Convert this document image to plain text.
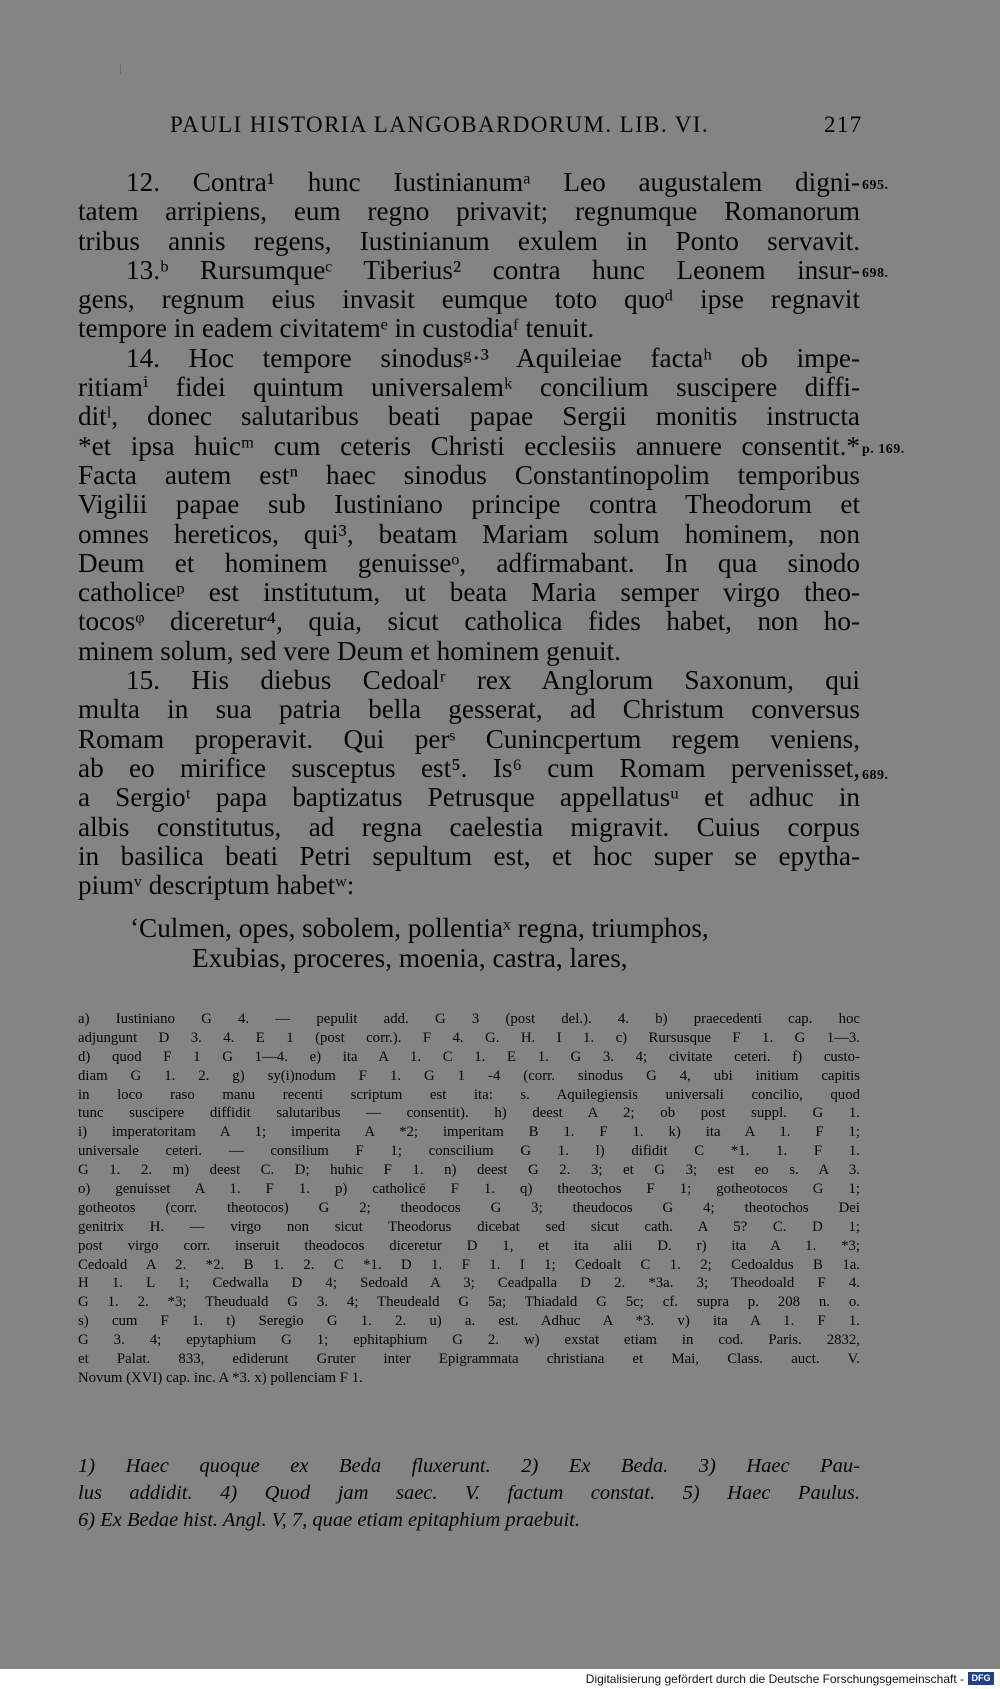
PAULI HISTORIA LANGOBARDORUM. LIB. VI.	217
695.
698.
p. 169.
689.
12. Contra¹ hunc Iustinianumᵃ Leo augustalem digni-
tatem arripiens, eum regno privavit; regnumque Romanorum
tribus annis regens, Iustinianum exulem in Ponto servavit.
13.ᵇ Rursumqueᶜ Tiberius² contra hunc Leonem insur-
gens, regnum eius invasit eumque toto quoᵈ ipse regnavit
tempore in eadem civitatemᵉ in custodiaᶠ tenuit.
14. Hoc tempore sinodusᵍ·³ Aquileiae factaʰ ob impe-
ritiamⁱ fidei quintum universalemᵏ concilium suscipere diffi-
ditˡ, donec salutaribus beati papae Sergii monitis instructa
*et ipsa huicᵐ cum ceteris Christi ecclesiis annuere consentit.*
Facta autem estⁿ haec sinodus Constantinopolim temporibus
Vigilii papae sub Iustiniano principe contra Theodorum et
omnes hereticos, qui³, beatam Mariam solum hominem, non
Deum et hominem genuisseᵒ, adfirmabant. In qua sinodo
catholiceᵖ est institutum, ut beata Maria semper virgo theo-
tocosᵠ diceretur⁴, quia, sicut catholica fides habet, non ho-
minem solum, sed vere Deum et hominem genuit.
15. His diebus Cedoalʳ rex Anglorum Saxonum, qui
multa in sua patria bella gesserat, ad Christum conversus
Romam properavit. Qui perˢ Cunincpertum regem veniens,
ab eo mirifice susceptus est⁵. Is⁶ cum Romam pervenisset,
a Sergioᵗ papa baptizatus Petrusque appellatusᵘ et adhuc in
albis constitutus, ad regna caelestia migravit. Cuius corpus
in basilica beati Petri sepultum est, et hoc super se epytha-
piumᵛ descriptum habetʷ:
‘Culmen, opes, sobolem, pollentiaˣ regna, triumphos,
Exubias, proceres, moenia, castra, lares,
a) Iustiniano G 4. — pepulit add. G 3 (post del.). 4. b) praecedenti cap. hoc
adjungunt D 3. 4. E 1 (post corr.). F 4. G. H. I 1. c) Rursusque F 1. G 1—3.
d) quod F 1 G 1—4. e) ita A 1. C 1. E 1. G 3. 4; civitate ceteri. f) custo-
diam G 1. 2. g) sy(i)nodum F 1. G 1 -4 (corr. sinodus G 4, ubi initium capitis
in loco raso manu recenti scriptum est ita: s. Aquilegiensis universali concilio, quod
tunc suscipere diffidit salutaribus — consentit). h) deest A 2; ob post suppl. G 1.
i) imperatoritam A 1; imperita A *2; imperitam B 1. F 1. k) ita A 1. F 1;
universale ceteri. — consilium F 1; conscilium G 1. l) difidit C *1. 1. F 1.
G 1. 2. m) deest C. D; huhic F 1. n) deest G 2. 3; et G 3; est eo s. A 3.
o) genuisset A 1. F 1. p) catholicē F 1. q) theotochos F 1; gotheotocos G 1;
gotheotos (corr. theotocos) G 2; theodocos G 3; theudocos G 4; theotochos Dei
genitrix H. — virgo non sicut Theodorus dicebat sed sicut cath. A 5? C. D 1;
post virgo corr. inseruit theodocos diceretur D 1, et ita alii D. r) ita A 1. *3;
Cedoald A 2. *2. B 1. 2. C *1. D 1. F 1. I 1; Cedoalt C 1. 2; Cedoaldus B 1a.
H 1. L 1; Cedwalla D 4; Sedoald A 3; Ceadpalla D 2. *3a. 3; Theodoald F 4.
G 1. 2. *3; Theuduald G 3. 4; Theudeald G 5a; Thiadald G 5c; cf. supra p. 208 n. o.
s) cum F 1. t) Seregio G 1. 2. u) a. est. Adhuc A *3. v) ita A 1. F 1.
G 3. 4; epytaphium G 1; ephitaphium G 2. w) exstat etiam in cod. Paris. 2832,
et Palat. 833, ediderunt Gruter inter Epigrammata christiana et Mai, Class. auct. V.
Novum (XVI) cap. inc. A *3. x) pollenciam F 1.
1) Haec quoque ex Beda fluxerunt. 2) Ex Beda. 3) Haec Pau-
lus addidit. 4) Quod jam saec. V. factum constat. 5) Haec Paulus.
6) Ex Bedae hist. Angl. V, 7, quae etiam epitaphium praebuit.
Digitalisierung gefördert durch die Deutsche Forschungsgemeinschaft - DFG
